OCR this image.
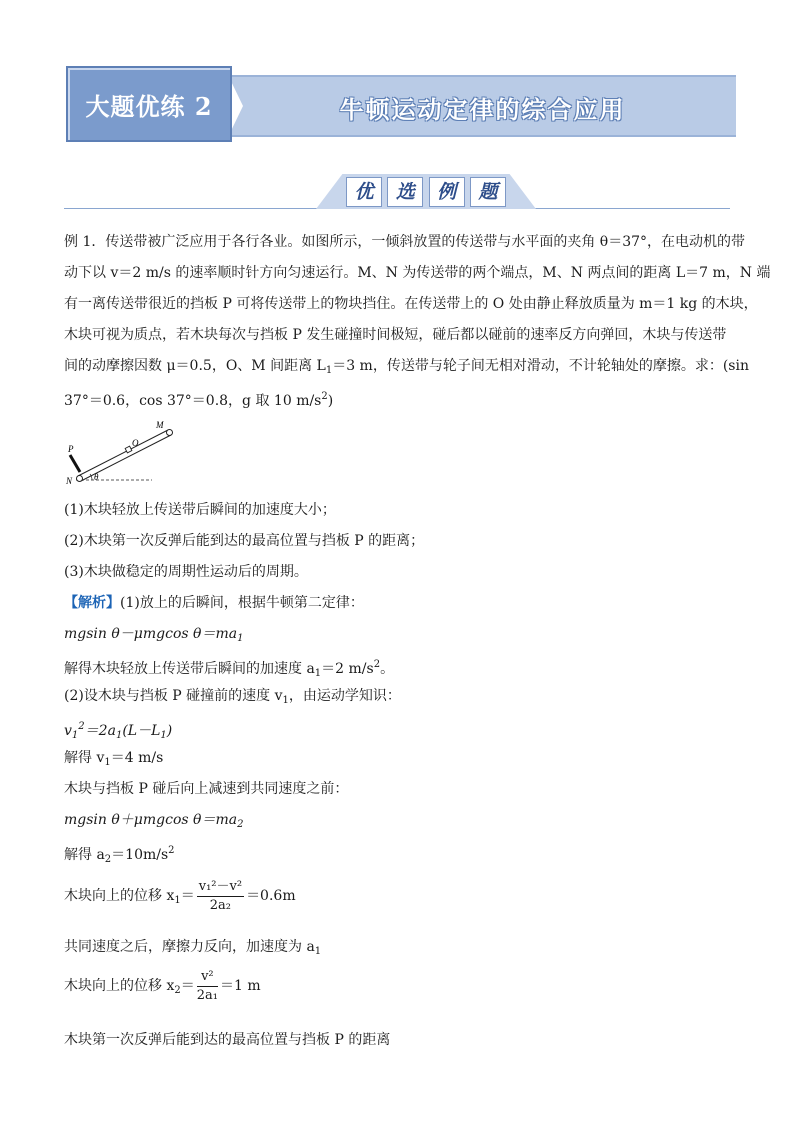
大题优练 2	牛顿运动定律的综合应用
优	选	例	题
例 1．传送带被广泛应用于各行各业。如图所示，一倾斜放置的传送带与水平面的夹角 θ＝37°，在电动机的带
动下以 v＝2 m/s 的速率顺时针方向匀速运行。M、N 为传送带的两个端点，M、N 两点间的距离 L＝7 m，N 端
有一离传送带很近的挡板 P 可将传送带上的物块挡住。在传送带上的 O 处由静止释放质量为 m＝1 kg 的木块，
木块可视为质点，若木块每次与挡板 P 发生碰撞时间极短，碰后都以碰前的速率反方向弹回，木块与传送带
间的动摩擦因数 μ＝0.5，O、M 间距离 $L_1=3$ m，传送带与轮子间无相对滑动，不计轮轴处的摩擦。求：(sin
37°＝0.6，cos 37°＝0.8，g 取 10 $m/s^2$)
P
N
O
M
θ
(1)木块轻放上传送带后瞬间的加速度大小；
(2)木块第一次反弹后能到达的最高位置与挡板 P 的距离；
(3)木块做稳定的周期性运动后的周期。
【解析】(1)放上的后瞬间，根据牛顿第二定律：
mgsin θ－μmgcos $\theta=ma_1$
解得木块轻放上传送带后瞬间的加速度 $a_1=2$ $m/s^2$。
(2)设木块与挡板 P 碰撞前的速度 $v_1$，由运动学知识：
$v_1^2=2a_1(L-L_1)$
解得 $v_1=4$ m/s
木块与挡板 P 碰后向上减速到共同速度之前：
mgsin θ＋μmgcos $\theta=ma_2$
解得 $a_2=10m/s^2$
木块向上的位移 $x_1= \frac{\text{v₁²－v²}}{\text{2a₂}} =0.6m$
共同速度之后，摩擦力反向，加速度为 $a_1$
木块向上的位移 $x_2= \frac{\text{v²}}{\text{2a₁}} =1$ m
木块第一次反弹后能到达的最高位置与挡板 P 的距离
